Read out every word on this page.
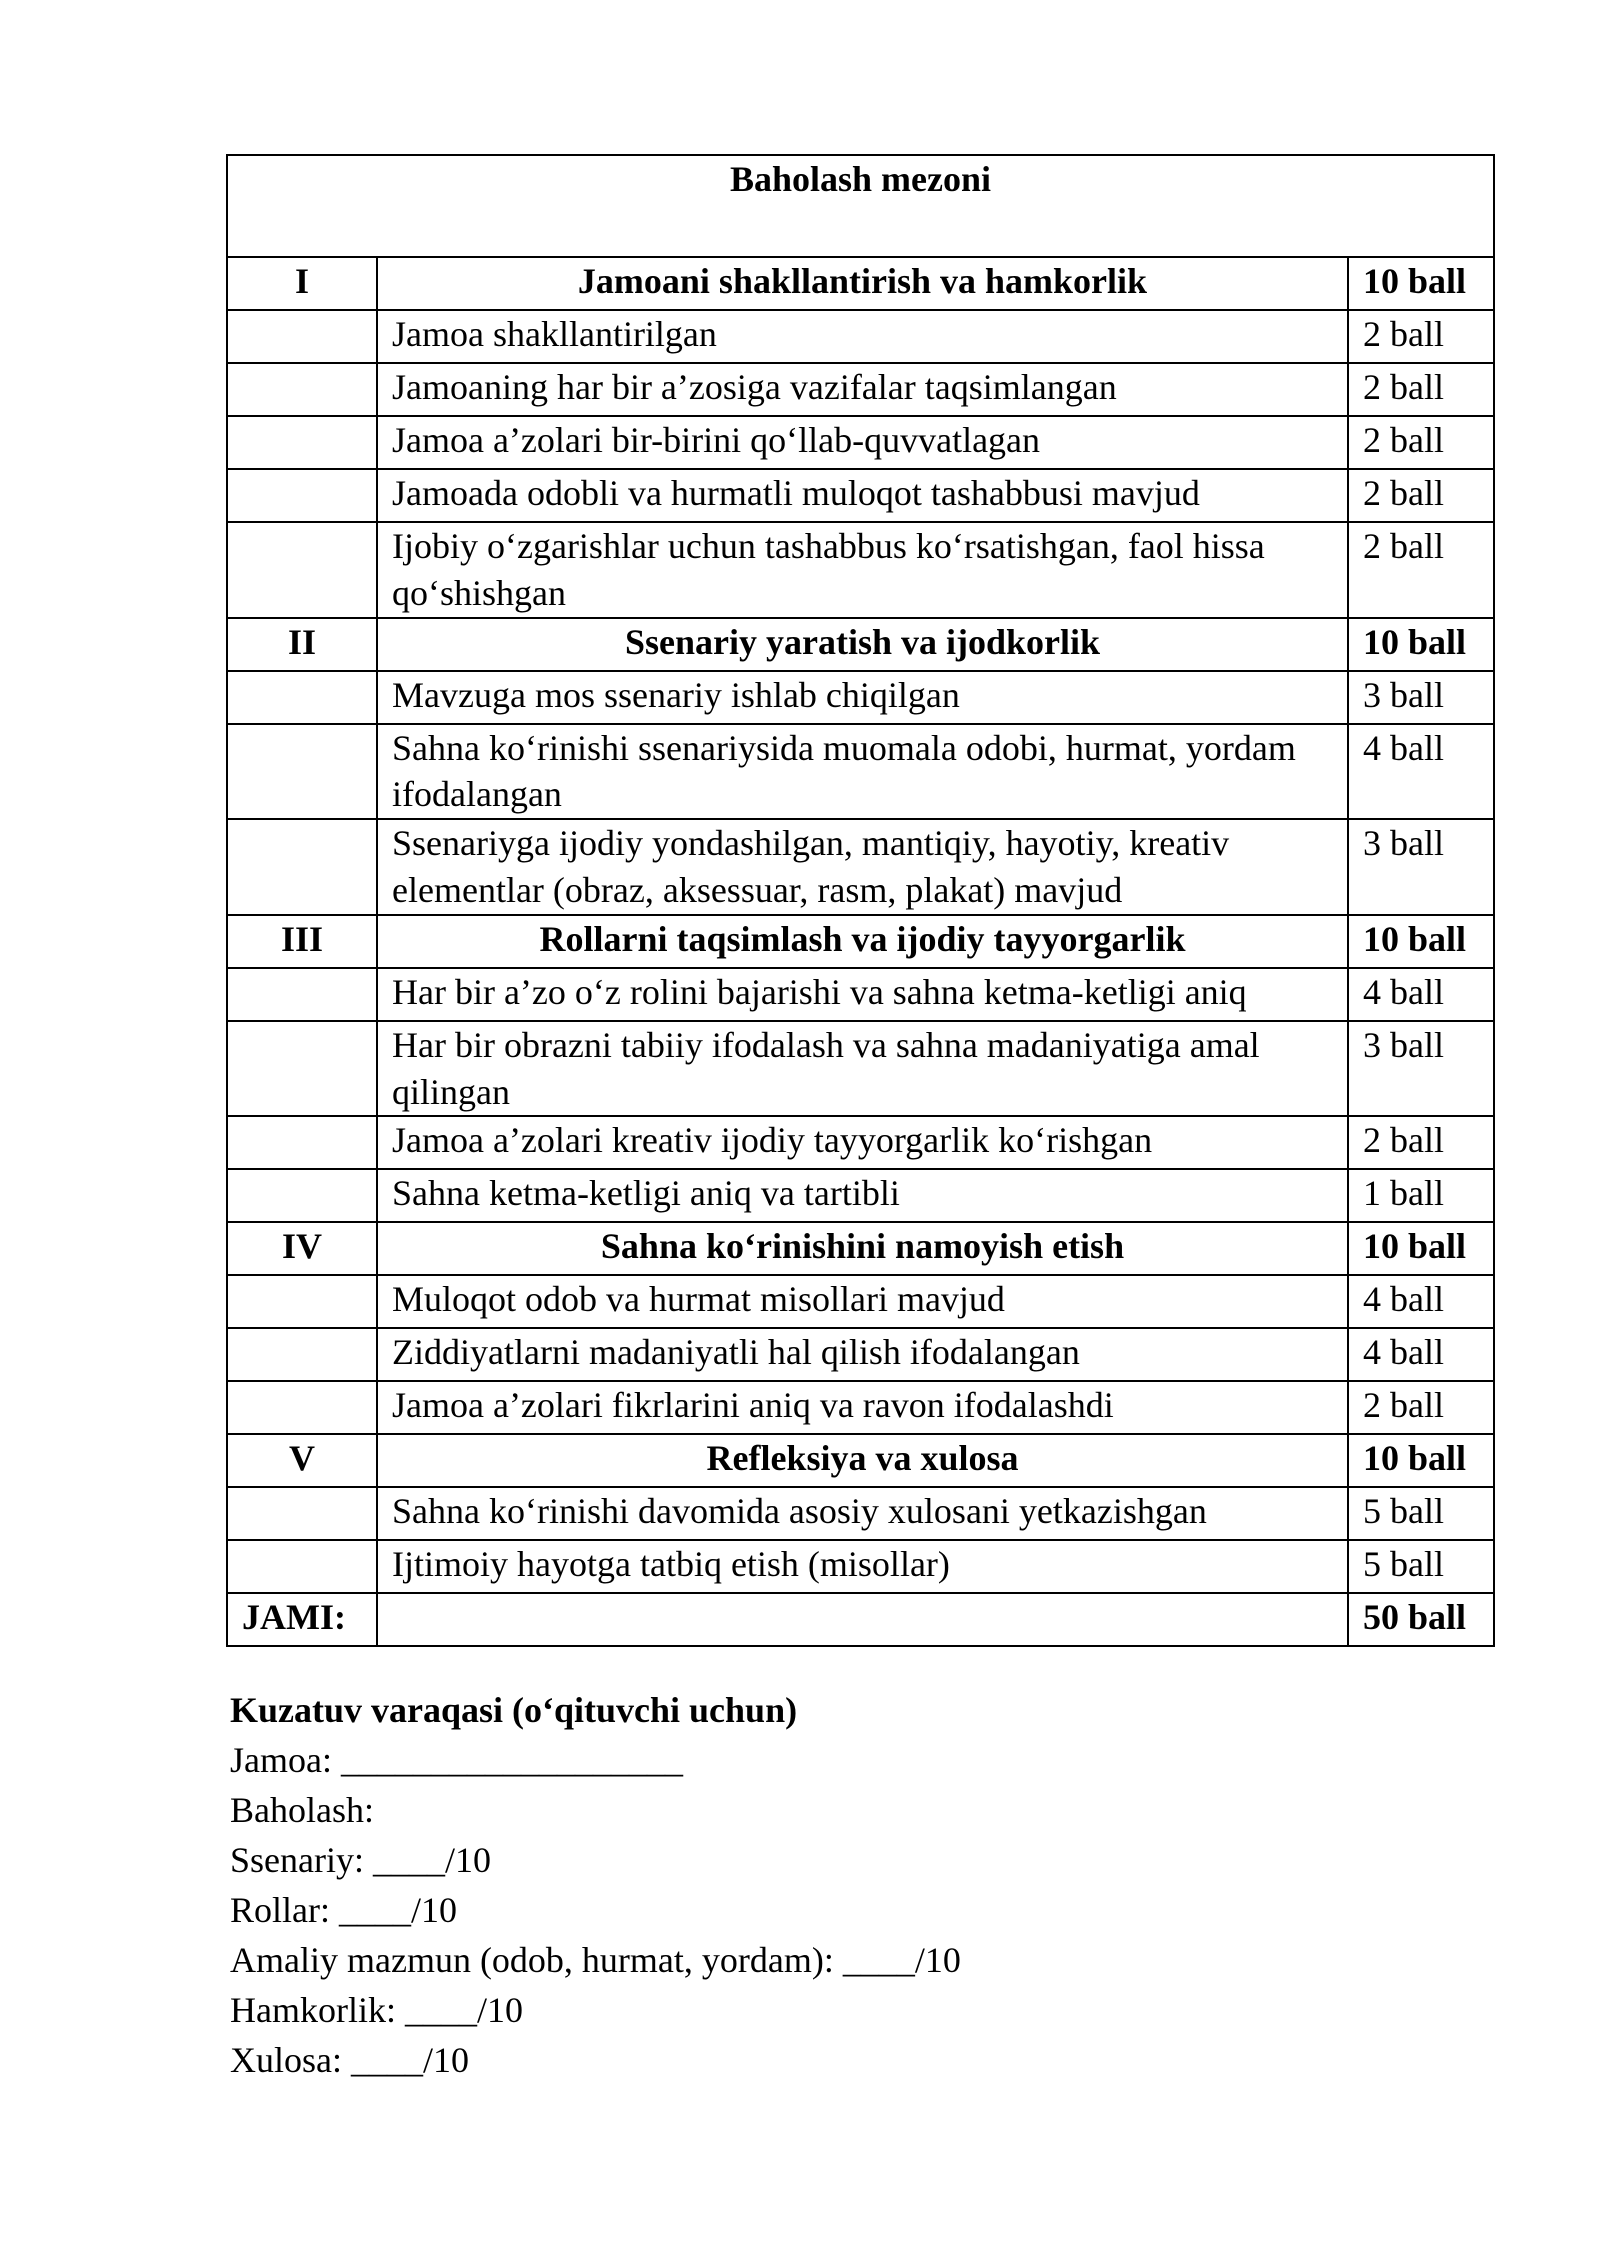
Baholash mezoni		
I	Jamoani shakllantirish va hamkorlik	10 ball
	Jamoa shakllantirilgan	2 ball
	Jamoaning har bir a’zosiga vazifalar taqsimlangan	2 ball
	Jamoa a’zolari bir-birini qo‘llab-quvvatlagan	2 ball
	Jamoada odobli va hurmatli muloqot tashabbusi mavjud	2 ball
	Ijobiy o‘zgarishlar uchun tashabbus ko‘rsatishgan, faol hissa qo‘shishgan	2 ball
II	Ssenariy yaratish va ijodkorlik	10 ball
	Mavzuga mos ssenariy ishlab chiqilgan	3 ball
	Sahna ko‘rinishi ssenariysida muomala odobi, hurmat, yordam ifodalangan	4 ball
	Ssenariyga ijodiy yondashilgan, mantiqiy, hayotiy, kreativ elementlar (obraz, aksessuar, rasm, plakat) mavjud	3 ball
III	Rollarni taqsimlash va ijodiy tayyorgarlik	10 ball
	Har bir a’zo o‘z rolini bajarishi va sahna ketma-ketligi aniq	4 ball
	Har bir obrazni tabiiy ifodalash va sahna madaniyatiga amal qilingan	3 ball
	Jamoa a’zolari kreativ ijodiy tayyorgarlik ko‘rishgan	2 ball
	Sahna ketma-ketligi aniq va tartibli	1 ball
IV	Sahna ko‘rinishini namoyish etish	10 ball
	Muloqot odob va hurmat misollari mavjud	4 ball
	Ziddiyatlarni madaniyatli hal qilish ifodalangan	4 ball
	Jamoa a’zolari fikrlarini aniq va ravon ifodalashdi	2 ball
V	Refleksiya va xulosa	10 ball
	Sahna ko‘rinishi davomida asosiy xulosani yetkazishgan	5 ball
	Ijtimoiy hayotga tatbiq etish (misollar)	5 ball
JAMI:		50 ball
Kuzatuv varaqasi (o‘qituvchi uchun)
Jamoa: ___________________
Baholash:
Ssenariy: ____/10
Rollar: ____/10
Amaliy mazmun (odob, hurmat, yordam): ____/10
Hamkorlik: ____/10
Xulosa: ____/10
